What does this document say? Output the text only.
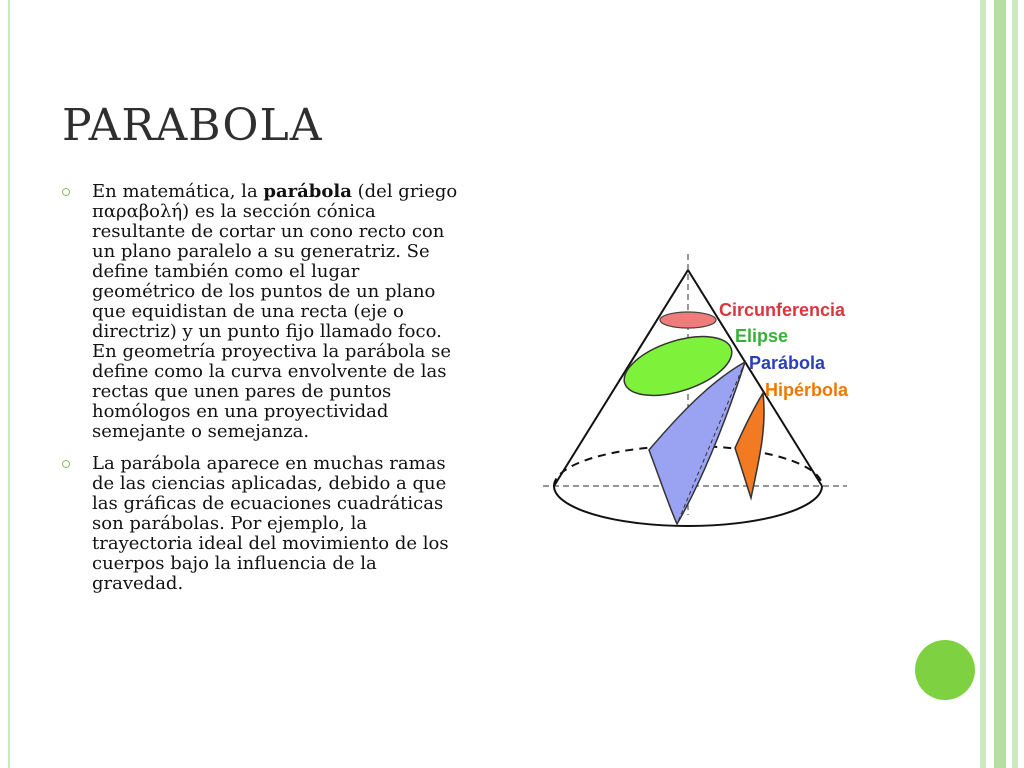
PARABOLA
En matemática, la parábola (del griego παραβολή) es la sección cónica resultante de cortar un cono recto con un plano paralelo a su generatriz. Se define también como el lugar geométrico de los puntos de un plano que equidistan de una recta (eje o directriz) y un punto fijo llamado foco. En geometría proyectiva la parábola se define como la curva envolvente de las rectas que unen pares de puntos homólogos en una proyectividad semejante o semejanza.
La parábola aparece en muchas ramas de las ciencias aplicadas, debido a que las gráficas de ecuaciones cuadráticas son parábolas. Por ejemplo, la trayectoria ideal del movimiento de los cuerpos bajo la influencia de la gravedad.
Circunferencia
Elipse
Parábola
Hipérbola
